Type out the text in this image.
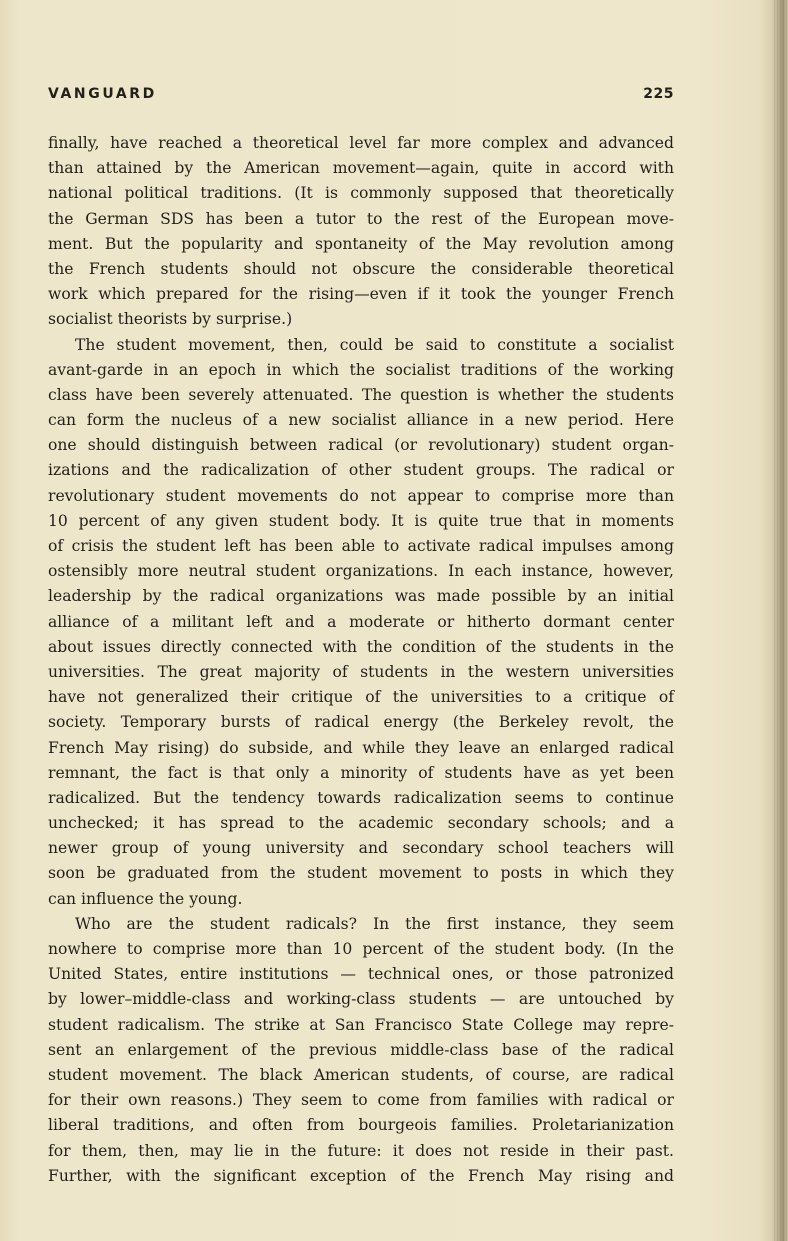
VANGUARD	225

finally, have reached a theoretical level far more complex and advanced
than attained by the American movement—again, quite in accord with
national political traditions. (It is commonly supposed that theoretically
the German SDS has been a tutor to the rest of the European move-
ment. But the popularity and spontaneity of the May revolution among
the French students should not obscure the considerable theoretical
work which prepared for the rising—even if it took the younger French
socialist theorists by surprise.)

The student movement, then, could be said to constitute a socialist
avant-garde in an epoch in which the socialist traditions of the working
class have been severely attenuated. The question is whether the students
can form the nucleus of a new socialist alliance in a new period. Here
one should distinguish between radical (or revolutionary) student organ-
izations and the radicalization of other student groups. The radical or
revolutionary student movements do not appear to comprise more than
10 percent of any given student body. It is quite true that in moments
of crisis the student left has been able to activate radical impulses among
ostensibly more neutral student organizations. In each instance, however,
leadership by the radical organizations was made possible by an initial
alliance of a militant left and a moderate or hitherto dormant center
about issues directly connected with the condition of the students in the
universities. The great majority of students in the western universities
have not generalized their critique of the universities to a critique of
society. Temporary bursts of radical energy (the Berkeley revolt, the
French May rising) do subside, and while they leave an enlarged radical
remnant, the fact is that only a minority of students have as yet been
radicalized. But the tendency towards radicalization seems to continue
unchecked; it has spread to the academic secondary schools; and a
newer group of young university and secondary school teachers will
soon be graduated from the student movement to posts in which they
can influence the young.

Who are the student radicals? In the first instance, they seem
nowhere to comprise more than 10 percent of the student body. (In the
United States, entire institutions — technical ones, or those patronized
by lower–middle-class and working-class students — are untouched by
student radicalism. The strike at San Francisco State College may repre-
sent an enlargement of the previous middle-class base of the radical
student movement. The black American students, of course, are radical
for their own reasons.) They seem to come from families with radical or
liberal traditions, and often from bourgeois families. Proletarianization
for them, then, may lie in the future: it does not reside in their past.
Further, with the significant exception of the French May rising and
